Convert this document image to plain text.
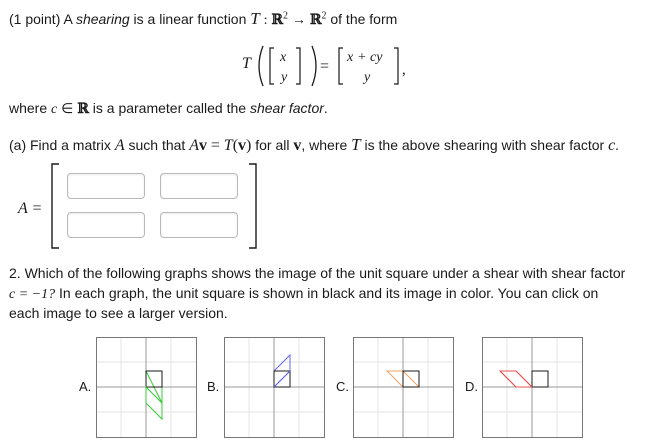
(1 point) A shearing is a linear function T : ℝ$^2$ → ℝ$^2$ of the form
T x
y
=
x + cy
y ,
where c ∈ ℝ is a parameter called the shear factor.
(a) Find a matrix A such that Av = T(v) for all v, where T is the above shearing with shear factor c.
A =
2. Which of the following graphs shows the image of the unit square under a shear with shear factor
c = −1? In each graph, the unit square is shown in black and its image in color. You can click on
each image to see a larger version.
A.	B.	C.	D.
